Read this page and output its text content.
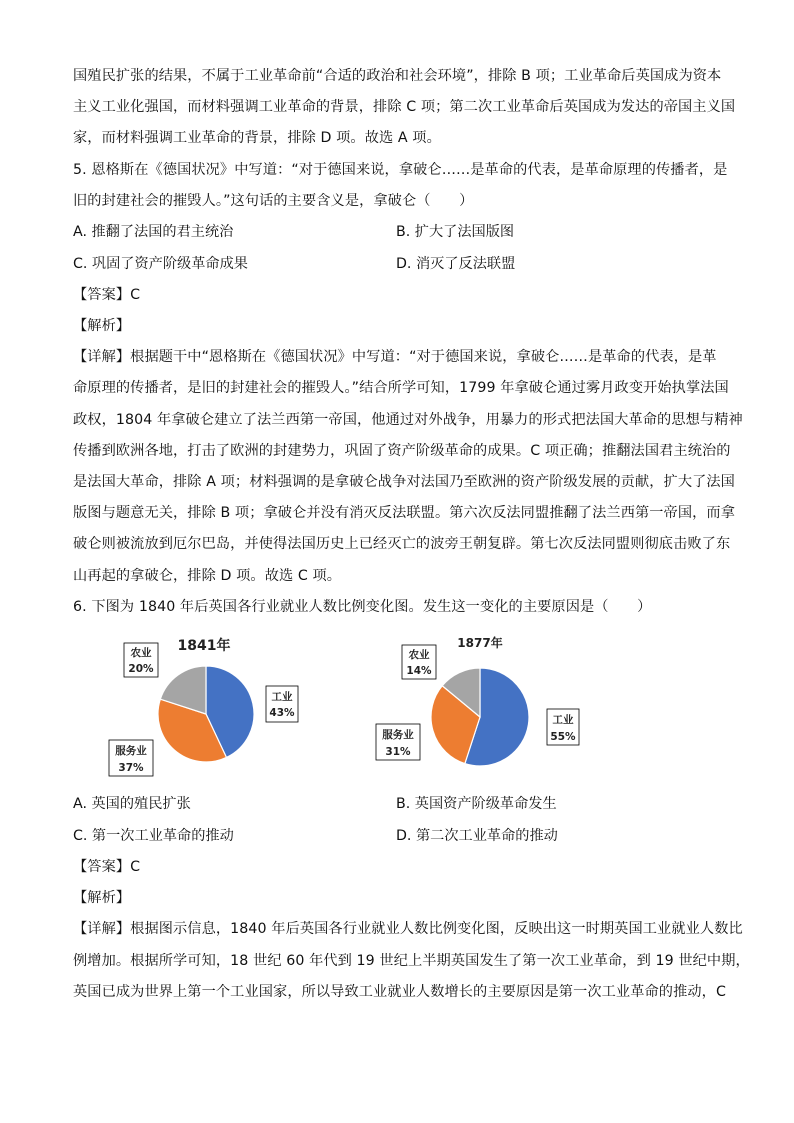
国殖民扩张的结果，不属于工业革命前“合适的政治和社会环境”，排除 B 项；工业革命后英国成为资本
主义工业化强国，而材料强调工业革命的背景，排除 C 项；第二次工业革命后英国成为发达的帝国主义国
家，而材料强调工业革命的背景，排除 D 项。故选 A 项。
5. 恩格斯在《德国状况》中写道：“对于德国来说，拿破仑……是革命的代表，是革命原理的传播者，是
旧的封建社会的摧毁人。”这句话的主要含义是，拿破仑（　　）
A. 推翻了法国的君主统治	B. 扩大了法国版图
C. 巩固了资产阶级革命成果	D. 消灭了反法联盟
【答案】C
【解析】
【详解】根据题干中“恩格斯在《德国状况》中写道：“对于德国来说，拿破仑……是革命的代表，是革
命原理的传播者，是旧的封建社会的摧毁人。”结合所学可知，1799 年拿破仑通过雾月政变开始执掌法国
政权，1804 年拿破仑建立了法兰西第一帝国，他通过对外战争，用暴力的形式把法国大革命的思想与精神
传播到欧洲各地，打击了欧洲的封建势力，巩固了资产阶级革命的成果。C 项正确；推翻法国君主统治的
是法国大革命，排除 A 项；材料强调的是拿破仑战争对法国乃至欧洲的资产阶级发展的贡献，扩大了法国
版图与题意无关，排除 B 项；拿破仑并没有消灭反法联盟。第六次反法同盟推翻了法兰西第一帝国，而拿
破仑则被流放到厄尔巴岛，并使得法国历史上已经灭亡的波旁王朝复辟。第七次反法同盟则彻底击败了东
山再起的拿破仑，排除 D 项。故选 C 项。
6. 下图为 1840 年后英国各行业就业人数比例变化图。发生这一变化的主要原因是（　　）
1841年
农业
20%
工业
43%
服务业
37%
1877年
农业
14%
工业
55%
服务业
31%
A. 英国的殖民扩张	B. 英国资产阶级革命发生
C. 第一次工业革命的推动	D. 第二次工业革命的推动
【答案】C
【解析】
【详解】根据图示信息，1840 年后英国各行业就业人数比例变化图，反映出这一时期英国工业就业人数比
例增加。根据所学可知，18 世纪 60 年代到 19 世纪上半期英国发生了第一次工业革命，到 19 世纪中期，
英国已成为世界上第一个工业国家，所以导致工业就业人数增长的主要原因是第一次工业革命的推动，C
